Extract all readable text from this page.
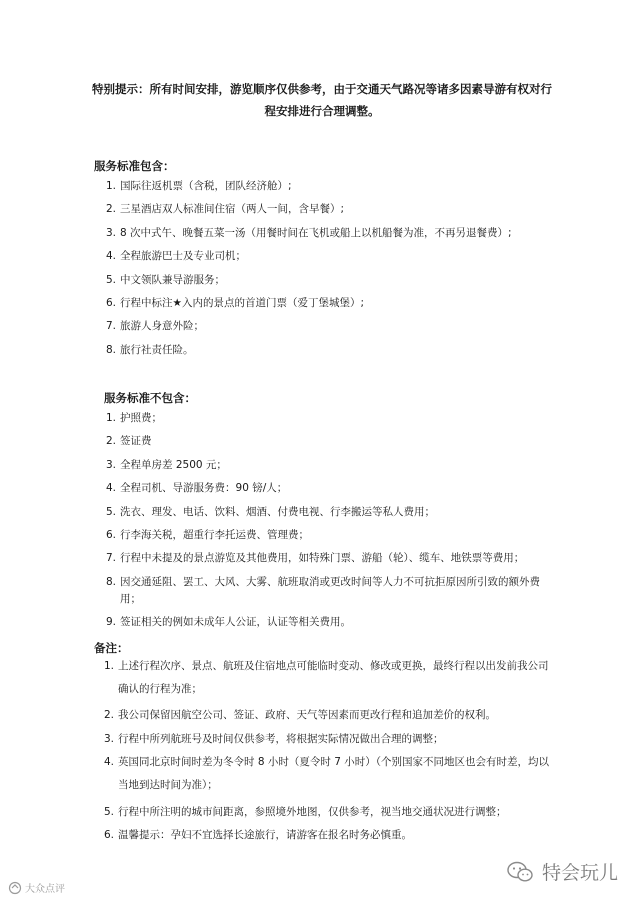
特别提示：所有时间安排，游览顺序仅供参考，由于交通天气路况等诸多因素导游有权对行程安排进行合理调整。
服务标准包含：
1. 国际往返机票（含税，团队经济舱）;
2. 三星酒店双人标准间住宿（两人一间，含早餐）;
3. 8 次中式午、晚餐五菜一汤（用餐时间在飞机或船上以机船餐为准，不再另退餐费）;
4. 全程旅游巴士及专业司机；
5. 中文领队兼导游服务；
6. 行程中标注★入内的景点的首道门票（爱丁堡城堡）;
7. 旅游人身意外险；
8. 旅行社责任险。
服务标准不包含：
1. 护照费；
2. 签证费
3. 全程单房差 2500 元；
4. 全程司机、导游服务费：90 镑/人；
5. 洗衣、理发、电话、饮料、烟酒、付费电视、行李搬运等私人费用；
6. 行李海关税，超重行李托运费、管理费；
7. 行程中未提及的景点游览及其他费用，如特殊门票、游船（轮）、缆车、地铁票等费用；
8. 因交通延阻、罢工、大风、大雾、航班取消或更改时间等人力不可抗拒原因所引致的额外费用；
9. 签证相关的例如未成年人公证，认证等相关费用。
备注：
1. 上述行程次序、景点、航班及住宿地点可能临时变动、修改或更换，最终行程以出发前我公司确认的行程为准；
2. 我公司保留因航空公司、签证、政府、天气等因素而更改行程和追加差价的权利。
3. 行程中所列航班号及时间仅供参考，将根据实际情况做出合理的调整；
4. 英国同北京时间时差为冬令时 8 小时（夏令时 7 小时）（个别国家不同地区也会有时差，均以当地到达时间为准）；
5. 行程中所注明的城市间距离，参照境外地图，仅供参考，视当地交通状况进行调整；
6. 温馨提示：孕妇不宜选择长途旅行，请游客在报名时务必慎重。
大众点评
特会玩儿
